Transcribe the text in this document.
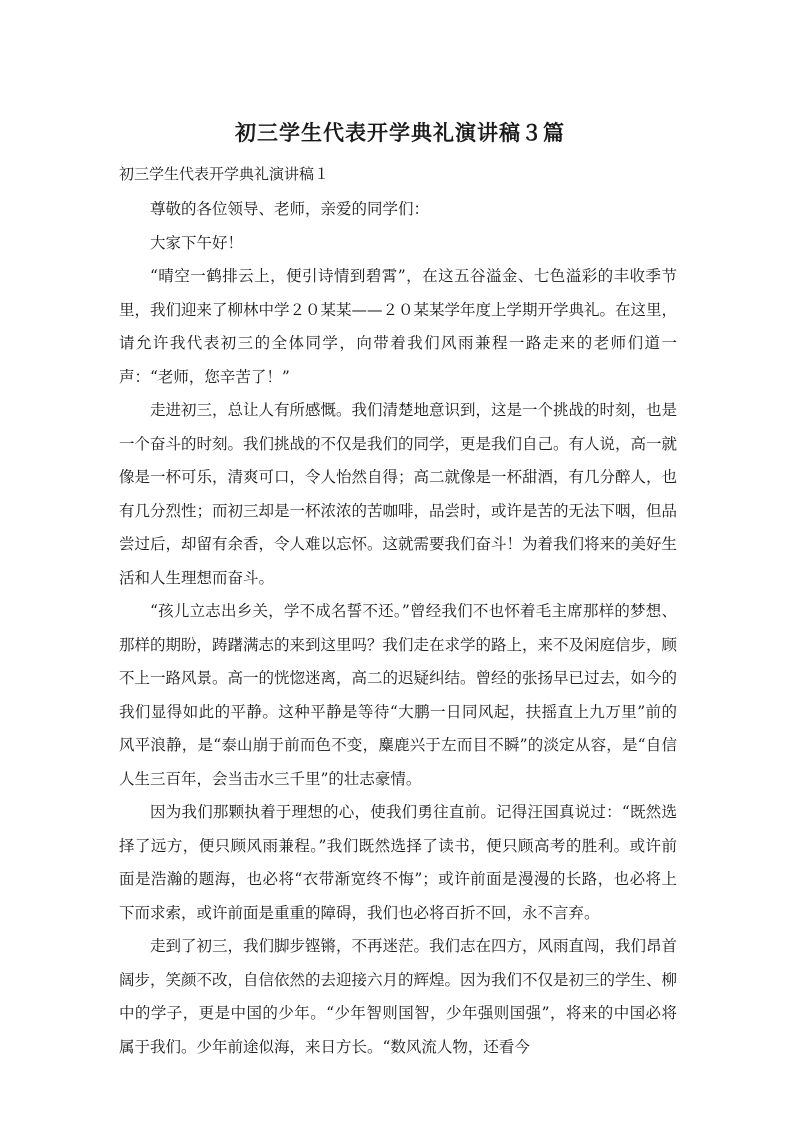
初三学生代表开学典礼演讲稿３篇
初三学生代表开学典礼演讲稿１

尊敬的各位领导、老师，亲爱的同学们：

大家下午好！

“晴空一鹤排云上，便引诗情到碧霄”，在这五谷溢金、七色溢彩的丰收季节里，我们迎来了柳林中学２０某某——２０某某学年度上学期开学典礼。在这里，请允许我代表初三的全体同学，向带着我们风雨兼程一路走来的老师们道一声：“老师，您辛苦了！”

走进初三，总让人有所感慨。我们清楚地意识到，这是一个挑战的时刻，也是一个奋斗的时刻。我们挑战的不仅是我们的同学，更是我们自己。有人说，高一就像是一杯可乐，清爽可口，令人怡然自得；高二就像是一杯甜酒，有几分醉人，也有几分烈性；而初三却是一杯浓浓的苦咖啡，品尝时，或许是苦的无法下咽，但品尝过后，却留有余香，令人难以忘怀。这就需要我们奋斗！为着我们将来的美好生活和人生理想而奋斗。

“孩儿立志出乡关，学不成名誓不还。”曾经我们不也怀着毛主席那样的梦想、那样的期盼，踌躇满志的来到这里吗？我们走在求学的路上，来不及闲庭信步，顾不上一路风景。高一的恍惚迷离，高二的迟疑纠结。曾经的张扬早已过去，如今的我们显得如此的平静。这种平静是等待“大鹏一日同风起，扶摇直上九万里”前的风平浪静，是“泰山崩于前而色不变，麋鹿兴于左而目不瞬”的淡定从容，是“自信人生三百年，会当击水三千里”的壮志豪情。

因为我们那颗执着于理想的心，使我们勇往直前。记得汪国真说过：“既然选择了远方，便只顾风雨兼程。”我们既然选择了读书，便只顾高考的胜利。或许前面是浩瀚的题海，也必将“衣带渐宽终不悔”；或许前面是漫漫的长路，也必将上下而求索，或许前面是重重的障碍，我们也必将百折不回，永不言弃。

走到了初三，我们脚步铿锵，不再迷茫。我们志在四方，风雨直闯，我们昂首阔步，笑颜不改，自信依然的去迎接六月的辉煌。因为我们不仅是初三的学生、柳中的学子，更是中国的少年。“少年智则国智，少年强则国强”，将来的中国必将属于我们。少年前途似海，来日方长。“数风流人物，还看今
